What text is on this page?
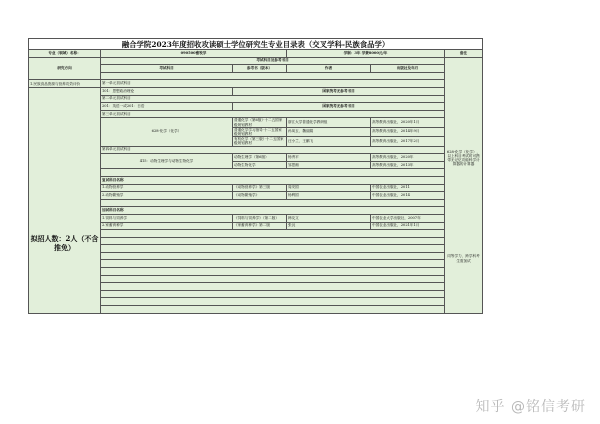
融合学院2023年度招收攻读硕士学位研究生专业目录表（交叉学科-民族食品学）					
专业（领域）名称：	090500畜牧学		学制：3年 学费8000元/年		备注
研究方向	考试科目及参考书目				628-化学（化学），以上科目考试时可携带无记忆功能科学计算器的计算器
同等学力、跨学科考生需加试

	考试科目	参考书（版本）	作者	出版社及年月	

1.民族食品资源与营养功效评价	第一单元初试科目				

拟招人数：2人（不含推免）	101：思想政治理论	国家统考无参考书目			
	第二单元初试科目				
	201：英语一或201：日语	国家统考无参考书目			
	第三单元初试科目				
	628-化学（化学）	普通化学（第6版）·十二五国家级规划教材	浙江大学普通化学教研组	高等教育出版社，2020年1月	
		普通化学学习指导·十二五国家级规划教材	孙凤玉、魏丽娟	高等教育出版社，2014年9月	
		有机化学（第三版）·十二五国家级规划教材	汪小兰、王鹏飞	高等教育出版社，2017年2月	
	第四单元初试科目				
	415：动物生理学与动物生物化学	动物生理学（第6版）	杨秀平	高等教育出版社，2020年	
		动物生物化学	邹思湘	高等教育出版社，2013年	

	复试科目名称				
	1.动物营养学	《动物营养学》第三版	周安国	中国农业出版社，2011	
	2.动物繁殖学	《动物繁殖学》	杨利国	中国农业出版社，2014	

	加试科目名称				
	1.饲料与饲养学	《饲料与饲养学》（第二版）	韩友文	中国农业大学出版社，2007年	
	2.家畜育种学	《家畜育种学》第二版	张沅	中国农业出版社，2021年1月	

知乎 @铭信考研
